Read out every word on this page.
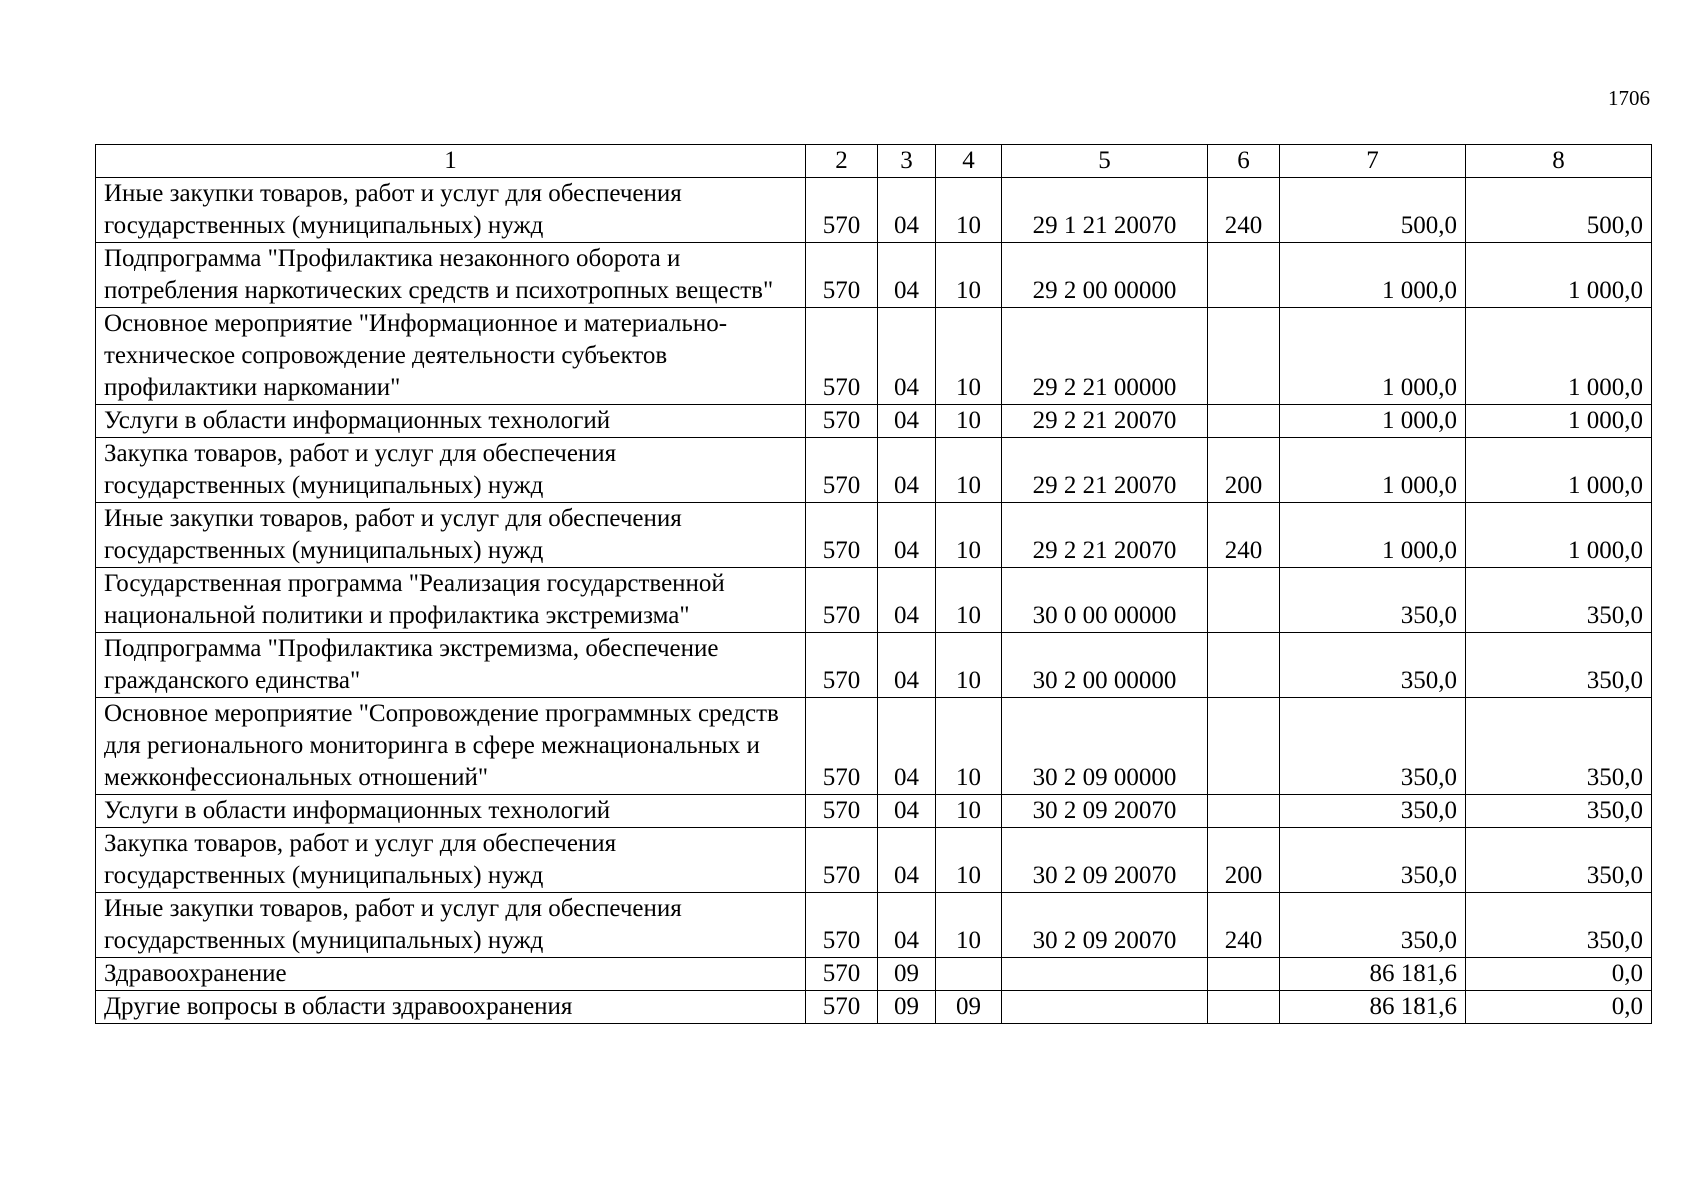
1706
1	2	3	4	5	6	7	8
Иные закупки товаров, работ и услуг для обеспечения государственных (муниципальных) нужд	570	04	10	29 1 21 20070	240	500,0	500,0
Подпрограмма "Профилактика незаконного оборота и потребления наркотических средств и психотропных веществ"	570	04	10	29 2 00 00000		1 000,0	1 000,0
Основное мероприятие "Информационное и материально-техническое сопровождение деятельности субъектов профилактики наркомании"	570	04	10	29 2 21 00000		1 000,0	1 000,0
Услуги в области информационных технологий	570	04	10	29 2 21 20070		1 000,0	1 000,0
Закупка товаров, работ и услуг для обеспечения государственных (муниципальных) нужд	570	04	10	29 2 21 20070	200	1 000,0	1 000,0
Иные закупки товаров, работ и услуг для обеспечения государственных (муниципальных) нужд	570	04	10	29 2 21 20070	240	1 000,0	1 000,0
Государственная программа "Реализация государственной национальной политики и профилактика экстремизма"	570	04	10	30 0 00 00000		350,0	350,0
Подпрограмма "Профилактика экстремизма, обеспечение гражданского единства"	570	04	10	30 2 00 00000		350,0	350,0
Основное мероприятие "Сопровождение программных средств для регионального мониторинга в сфере межнациональных и межконфессиональных отношений"	570	04	10	30 2 09 00000		350,0	350,0
Услуги в области информационных технологий	570	04	10	30 2 09 20070		350,0	350,0
Закупка товаров, работ и услуг для обеспечения государственных (муниципальных) нужд	570	04	10	30 2 09 20070	200	350,0	350,0
Иные закупки товаров, работ и услуг для обеспечения государственных (муниципальных) нужд	570	04	10	30 2 09 20070	240	350,0	350,0
Здравоохранение	570	09				86 181,6	0,0
Другие вопросы в области здравоохранения	570	09	09			86 181,6	0,0
